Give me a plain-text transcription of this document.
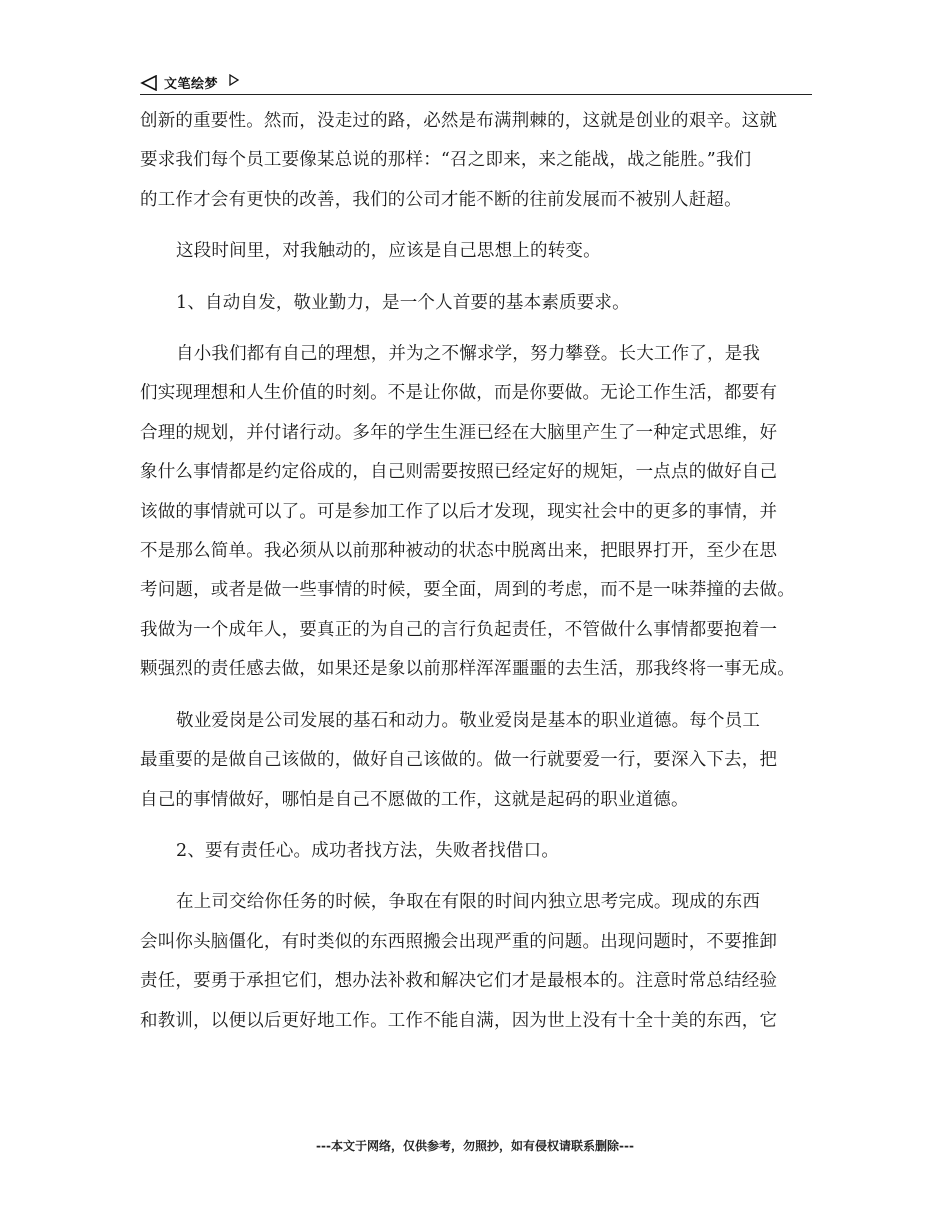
文笔绘梦
创新的重要性。然而，没走过的路，必然是布满荆棘的，这就是创业的艰辛。这就
要求我们每个员工要像某总说的那样：“召之即来，来之能战，战之能胜。”我们
的工作才会有更快的改善，我们的公司才能不断的往前发展而不被别人赶超。
这段时间里，对我触动的，应该是自己思想上的转变。
1、自动自发，敬业勤力，是一个人首要的基本素质要求。
自小我们都有自己的理想，并为之不懈求学，努力攀登。长大工作了，是我
们实现理想和人生价值的时刻。不是让你做，而是你要做。无论工作生活，都要有
合理的规划，并付诸行动。多年的学生生涯已经在大脑里产生了一种定式思维，好
象什么事情都是约定俗成的，自己则需要按照已经定好的规矩，一点点的做好自己
该做的事情就可以了。可是参加工作了以后才发现，现实社会中的更多的事情，并
不是那么简单。我必须从以前那种被动的状态中脱离出来，把眼界打开，至少在思
考问题，或者是做一些事情的时候，要全面，周到的考虑，而不是一味莽撞的去做。
我做为一个成年人，要真正的为自己的言行负起责任，不管做什么事情都要抱着一
颗强烈的责任感去做，如果还是象以前那样浑浑噩噩的去生活，那我终将一事无成。
敬业爱岗是公司发展的基石和动力。敬业爱岗是基本的职业道德。每个员工
最重要的是做自己该做的，做好自己该做的。做一行就要爱一行，要深入下去，把
自己的事情做好，哪怕是自己不愿做的工作，这就是起码的职业道德。
2、要有责任心。成功者找方法，失败者找借口。
在上司交给你任务的时候，争取在有限的时间内独立思考完成。现成的东西
会叫你头脑僵化，有时类似的东西照搬会出现严重的问题。出现问题时，不要推卸
责任，要勇于承担它们，想办法补救和解决它们才是最根本的。注意时常总结经验
和教训，以便以后更好地工作。工作不能自满，因为世上没有十全十美的东西，它
---本文于网络，仅供参考，勿照抄，如有侵权请联系删除---
